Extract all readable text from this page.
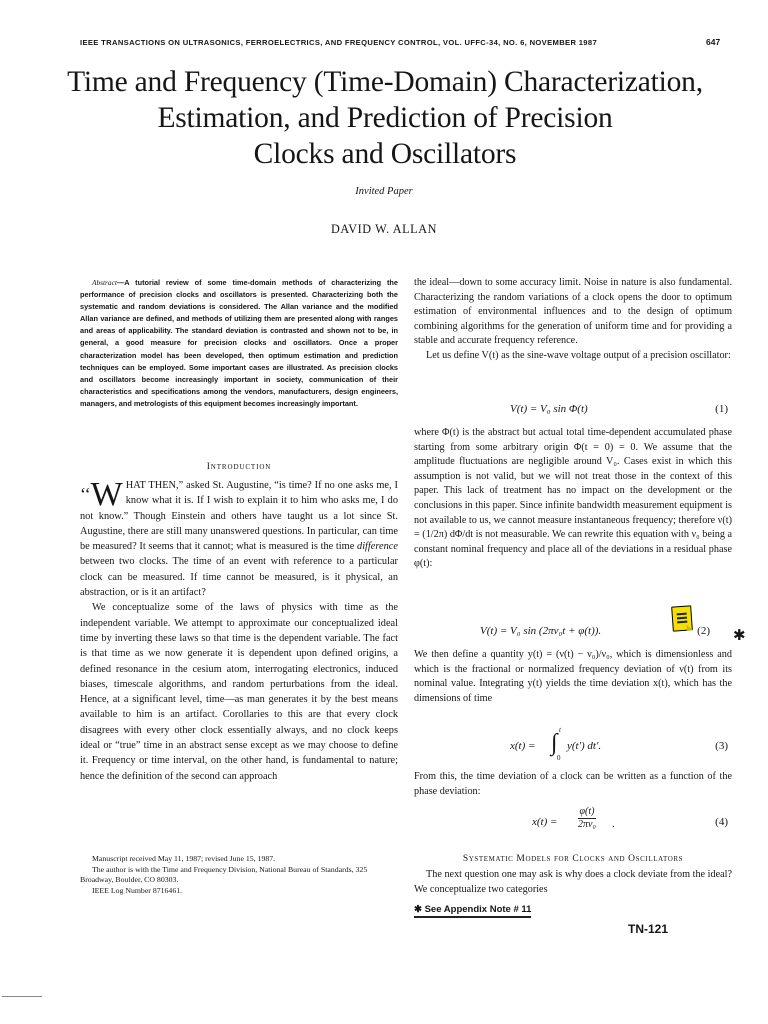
IEEE TRANSACTIONS ON ULTRASONICS, FERROELECTRICS, AND FREQUENCY CONTROL, VOL. UFFC-34, NO. 6, NOVEMBER 1987	647
Time and Frequency (Time-Domain) Characterization,
Estimation, and Prediction of Precision
Clocks and Oscillators
Invited Paper
DAVID W. ALLAN
Abstract—A tutorial review of some time-domain methods of characterizing the performance of precision clocks and oscillators is presented. Characterizing both the systematic and random deviations is considered. The Allan variance and the modified Allan variance are defined, and methods of utilizing them are presented along with ranges and areas of applicability. The standard deviation is contrasted and shown not to be, in general, a good measure for precision clocks and oscillators. Once a proper characterization model has been developed, then optimum estimation and prediction techniques can be employed. Some important cases are illustrated. As precision clocks and oscillators become increasingly important in society, communication of their characteristics and specifications among the vendors, manufacturers, design engineers, managers, and metrologists of this equipment becomes increasingly important.
Introduction

‘‘W HAT THEN,” asked St. Augustine, “is time? If no one asks me, I know what it is. If I wish to explain it to him who asks me, I do not know.” Though Einstein and others have taught us a lot since St. Augustine, there are still many unanswered questions. In particular, can time be measured? It seems that it cannot; what is measured is the time difference between two clocks. The time of an event with reference to a particular clock can be measured. If time cannot be measured, is it physical, an abstraction, or is it an artifact?

We conceptualize some of the laws of physics with time as the independent variable. We attempt to approximate our conceptualized ideal time by inverting these laws so that time is the dependent variable. The fact is that time as we now generate it is dependent upon defined origins, a defined resonance in the cesium atom, interrogating electronics, induced biases, timescale algorithms, and random perturbations from the ideal. Hence, at a significant level, time—as man generates it by the best means available to him is an artifact. Corollaries to this are that every clock disagrees with every other clock essentially always, and no clock keeps ideal or “true” time in an abstract sense except as we may choose to define it. Frequency or time interval, on the other hand, is fundamental to nature; hence the definition of the second can approach

Manuscript received May 11, 1987; revised June 15, 1987.

The author is with the Time and Frequency Division, National Bureau of Standards, 325 Broadway, Boulder, CO 80303.

IEEE Log Number 8716461.

the ideal—down to some accuracy limit. Noise in nature is also fundamental. Characterizing the random variations of a clock opens the door to optimum estimation of environmental influences and to the design of optimum combining algorithms for the generation of uniform time and for providing a stable and accurate frequency reference.

Let us define V(t) as the sine-wave voltage output of a precision oscillator:

V(t) = V₀ sin Φ(t)	(1)

where Φ(t) is the abstract but actual total time-dependent accumulated phase starting from some arbitrary origin Φ(t = 0) = 0. We assume that the amplitude fluctuations are negligible around V₀. Cases exist in which this assumption is not valid, but we will not treat those in the context of this paper. This lack of treatment has no impact on the development or the conclusions in this paper. Since infinite bandwidth measurement equipment is not available to us, we cannot measure instantaneous frequency; therefore ν(t) = (1/2π) dΦ/dt is not measurable. We can rewrite this equation with ν₀ being a constant nominal frequency and place all of the deviations in a residual phase φ(t):

V(t) = V₀ sin (2πν₀t + φ(t)).	(2) ✱

We then define a quantity y(t) = (ν(t) − ν₀)/ν₀, which is dimensionless and which is the fractional or normalized frequency deviation of ν(t) from its nominal value. Integrating y(t) yields the time deviation x(t), which has the dimensions of time

x(t) =
t
∫
0
y(t′) dt′.	(3)

From this, the time deviation of a clock can be written as a function of the phase deviation:

$x(t) = \frac{\varphi(t)}{\text{2πν₀}}$ .	(4)
Systematic Models for Clocks and Oscillators

The next question one may ask is why does a clock deviate from the ideal? We conceptualize two categories

✱ See Appendix Note # 11
TN-121
